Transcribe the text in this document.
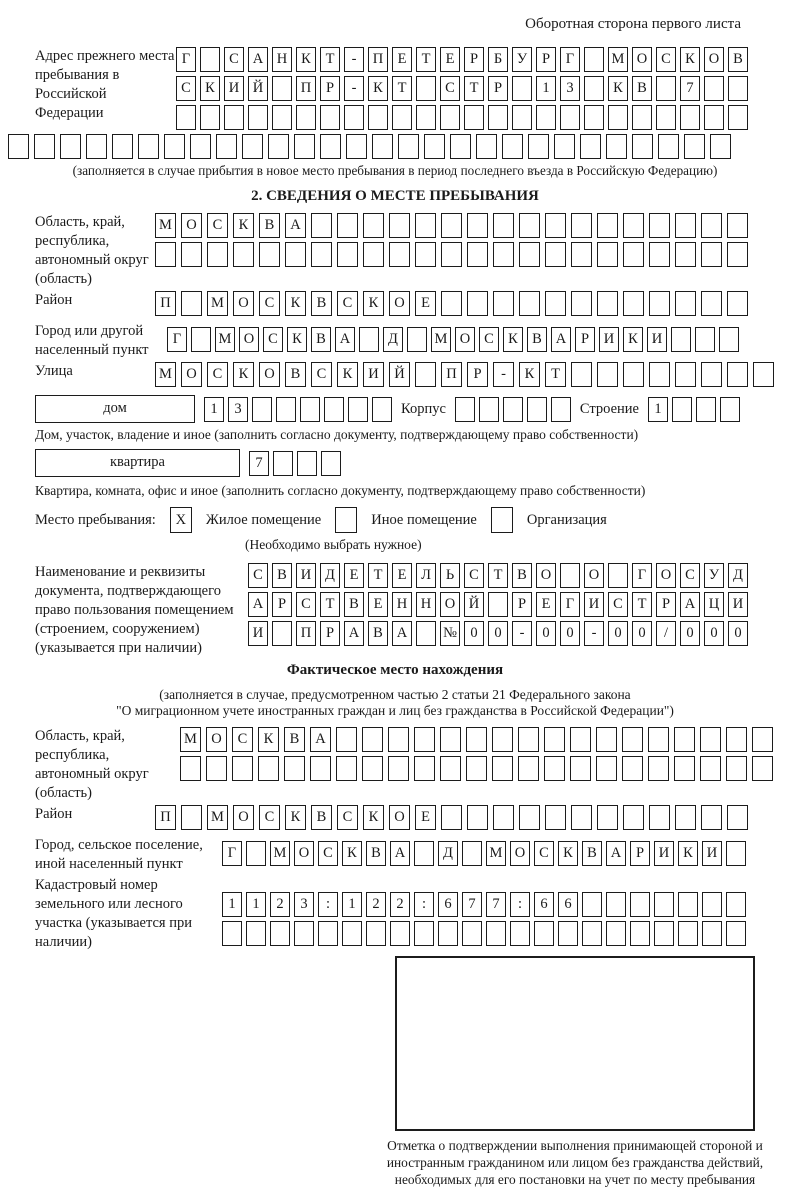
Оборотная сторона первого листа
Адрес прежнего места пребывания в Российской Федерации
Г	С А Н К	Т	-	П Е	Т	Е	Р	Б	У	Р	Г	М О С К О В
С К И Й	П	Р	-	К	Т	С	Т	Р	1	3	К В	7
(заполняется в случае прибытия в новое место пребывания в период последнего въезда в Российскую Федерацию)
2. СВЕДЕНИЯ О МЕСТЕ ПРЕБЫВАНИЯ
Область, край, республика, автономный округ (область)
М О	С	К	В	А
Район	П	М О	С	К	В	С	К	О	Е
Город или другой населенный пункт
Г	М О С К В А	Д	М О С К В А	Р	И К И
Улица	М О	С	К	О	В	С	К	И	Й	П	Р	-	К	Т
дом	1	3	Корпус	Строение	1
Дом, участок, владение и иное (заполнить согласно документу, подтверждающему право собственности)
квартира	7
Квартира, комната, офис и иное (заполнить согласно документу, подтверждающему право собственности)
Место пребывания:	X	Жилое помещение	Иное помещение	Организация
(Необходимо выбрать нужное)
Наименование и реквизиты документа, подтверждающего право пользования помещением (строением, сооружением) (указывается при наличии)
С В И Д	Е	Т	Е	Л	Ь	С	Т	В О	О	Г	О С У Д
А	Р	С	Т	В	Е Н Н О Й	Р	Е	Г	И С	Т	Р	А Ц И
И	П	Р	А В А	№ 0	0	-	0	0	-	0	0	/	0	0	0
Фактическое место нахождения
(заполняется в случае, предусмотренном частью 2 статьи 21 Федерального закона
"О миграционном учете иностранных граждан и лиц без гражданства в Российской Федерации")
Область, край, республика, автономный округ (область)
М О	С	К	В	А
Район	П	М О	С	К	В	С	К	О	Е
Город, сельское поселение, иной населенный пункт
Г	М О С К В А	Д	М О С К В А	Р	И К И
Кадастровый номер земельного или лесного участка (указывается при наличии)
1	1	2	3	:	1	2	2	:	6	7	7	:	6	6
Отметка о подтверждении выполнения принимающей стороной и иностранным гражданином или лицом без гражданства действий, необходимых для его постановки на учет по месту пребывания
